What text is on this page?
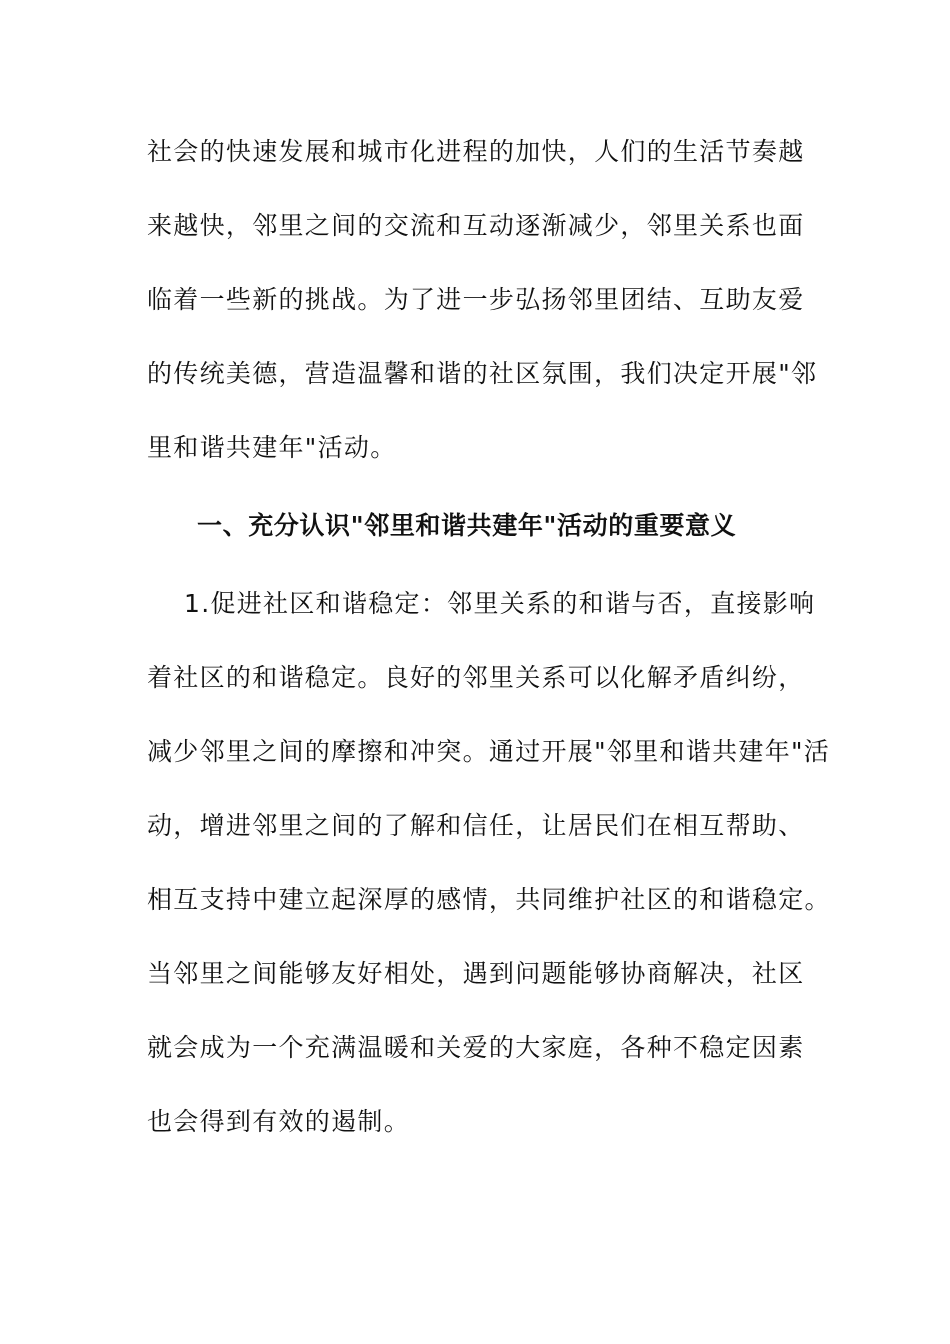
社会的快速发展和城市化进程的加快，人们的生活节奏越
来越快，邻里之间的交流和互动逐渐减少，邻里关系也面
临着一些新的挑战。为了进一步弘扬邻里团结、互助友爱
的传统美德，营造温馨和谐的社区氛围，我们决定开展"邻
里和谐共建年"活动。
一、充分认识"邻里和谐共建年"活动的重要意义
1.促进社区和谐稳定：邻里关系的和谐与否，直接影响
着社区的和谐稳定。良好的邻里关系可以化解矛盾纠纷，
减少邻里之间的摩擦和冲突。通过开展"邻里和谐共建年"活
动，增进邻里之间的了解和信任，让居民们在相互帮助、
相互支持中建立起深厚的感情，共同维护社区的和谐稳定。
当邻里之间能够友好相处，遇到问题能够协商解决，社区
就会成为一个充满温暖和关爱的大家庭，各种不稳定因素
也会得到有效的遏制。
